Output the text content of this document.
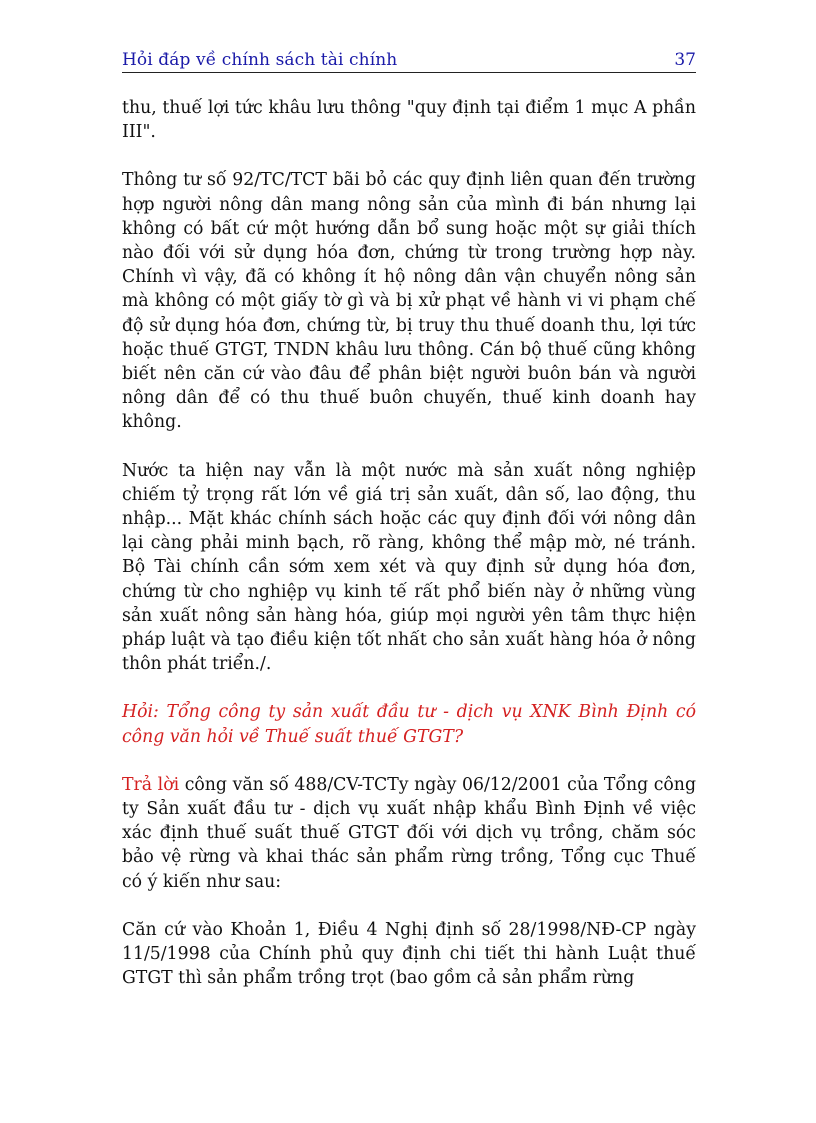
Hỏi đáp về chính sách tài chính	37

thu, thuế lợi tức khâu lưu thông "quy định tại điểm 1 mục A phần III".

Thông tư số 92/TC/TCT bãi bỏ các quy định liên quan đến trường hợp người nông dân mang nông sản của mình đi bán nhưng lại không có bất cứ một hướng dẫn bổ sung hoặc một sự giải thích nào đối với sử dụng hóa đơn, chứng từ trong trường hợp này. Chính vì vậy, đã có không ít hộ nông dân vận chuyển nông sản mà không có một giấy tờ gì và bị xử phạt về hành vi vi phạm chế độ sử dụng hóa đơn, chứng từ, bị truy thu thuế doanh thu, lợi tức hoặc thuế GTGT, TNDN khâu lưu thông. Cán bộ thuế cũng không biết nên căn cứ vào đâu để phân biệt người buôn bán và người nông dân để có thu thuế buôn chuyến, thuế kinh doanh hay không.

Nước ta hiện nay vẫn là một nước mà sản xuất nông nghiệp chiếm tỷ trọng rất lớn về giá trị sản xuất, dân số, lao động, thu nhập... Mặt khác chính sách hoặc các quy định đối với nông dân lại càng phải minh bạch, rõ ràng, không thể mập mờ, né tránh. Bộ Tài chính cần sớm xem xét và quy định sử dụng hóa đơn, chứng từ cho nghiệp vụ kinh tế rất phổ biến này ở những vùng sản xuất nông sản hàng hóa, giúp mọi người yên tâm thực hiện pháp luật và tạo điều kiện tốt nhất cho sản xuất hàng hóa ở nông thôn phát triển./.

Hỏi: Tổng công ty sản xuất đầu tư - dịch vụ XNK Bình Định có công văn hỏi về Thuế suất thuế GTGT?

Trả lời công văn số 488/CV-TCTy ngày 06/12/2001 của Tổng công ty Sản xuất đầu tư - dịch vụ xuất nhập khẩu Bình Định về việc xác định thuế suất thuế GTGT đối với dịch vụ trồng, chăm sóc bảo vệ rừng và khai thác sản phẩm rừng trồng, Tổng cục Thuế có ý kiến như sau:

Căn cứ vào Khoản 1, Điều 4 Nghị định số 28/1998/NĐ-CP ngày 11/5/1998 của Chính phủ quy định chi tiết thi hành Luật thuế GTGT thì sản phẩm trồng trọt (bao gồm cả sản phẩm rừng
